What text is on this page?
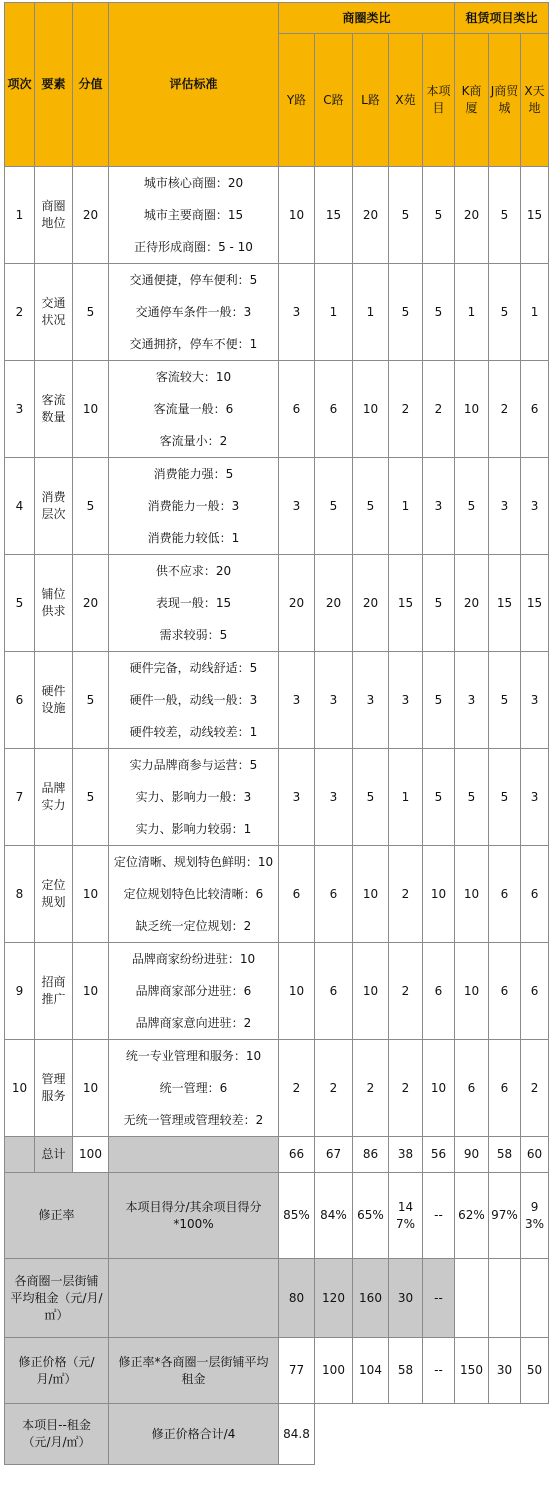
项次	要素	分值	评估标准	商圈类比					租赁项目类比		
				Y路	C路	L路	X苑	本项目	K商厦	J商贸城	X天地
1	商圈地位	20	城市核心商圈：20
城市主要商圈：15
正待形成商圈：5 - 10	10	15	20	5	5	20	5	15
2	交通状况	5	交通便捷，停车便利：5
交通停车条件一般：3
交通拥挤，停车不便：1	3	1	1	5	5	1	5	1
3	客流数量	10	客流较大：10
客流量一般：6
客流量小：2	6	6	10	2	2	10	2	6
4	消费层次	5	消费能力强：5
消费能力一般：3
消费能力较低：1	3	5	5	1	3	5	3	3
5	铺位供求	20	供不应求：20
表现一般：15
需求较弱：5	20	20	20	15	5	20	15	15
6	硬件设施	5	硬件完备，动线舒适：5
硬件一般，动线一般：3
硬件较差，动线较差：1	3	3	3	3	5	3	5	3
7	品牌实力	5	实力品牌商参与运营：5
实力、影响力一般：3
实力、影响力较弱：1	3	3	5	1	5	5	5	3
8	定位规划	10	定位清晰、规划特色鲜明：10
定位规划特色比较清晰：6
缺乏统一定位规划：2	6	6	10	2	10	10	6	6
9	招商推广	10	品牌商家纷纷进驻：10
品牌商家部分进驻：6
品牌商家意向进驻：2	10	6	10	2	6	10	6	6
10	管理服务	10	统一专业管理和服务：10
统一管理：6
无统一管理或管理较差：2	2	2	2	2	10	6	6	2
	总计	100		66	67	86	38	56	90	58	60
修正率			本项目得分/其余项目得分*100%	85%	84%	65%	147%	--	62%	97%	93%
各商圈一层街铺平均租金（元/月/㎡）				80	120	160	30	--			
修正价格（元/月/㎡）			修正率*各商圈一层街铺平均租金	77	100	104	58	--	150	30	50
本项目--租金（元/月/㎡）			修正价格合计/4	84.8							
